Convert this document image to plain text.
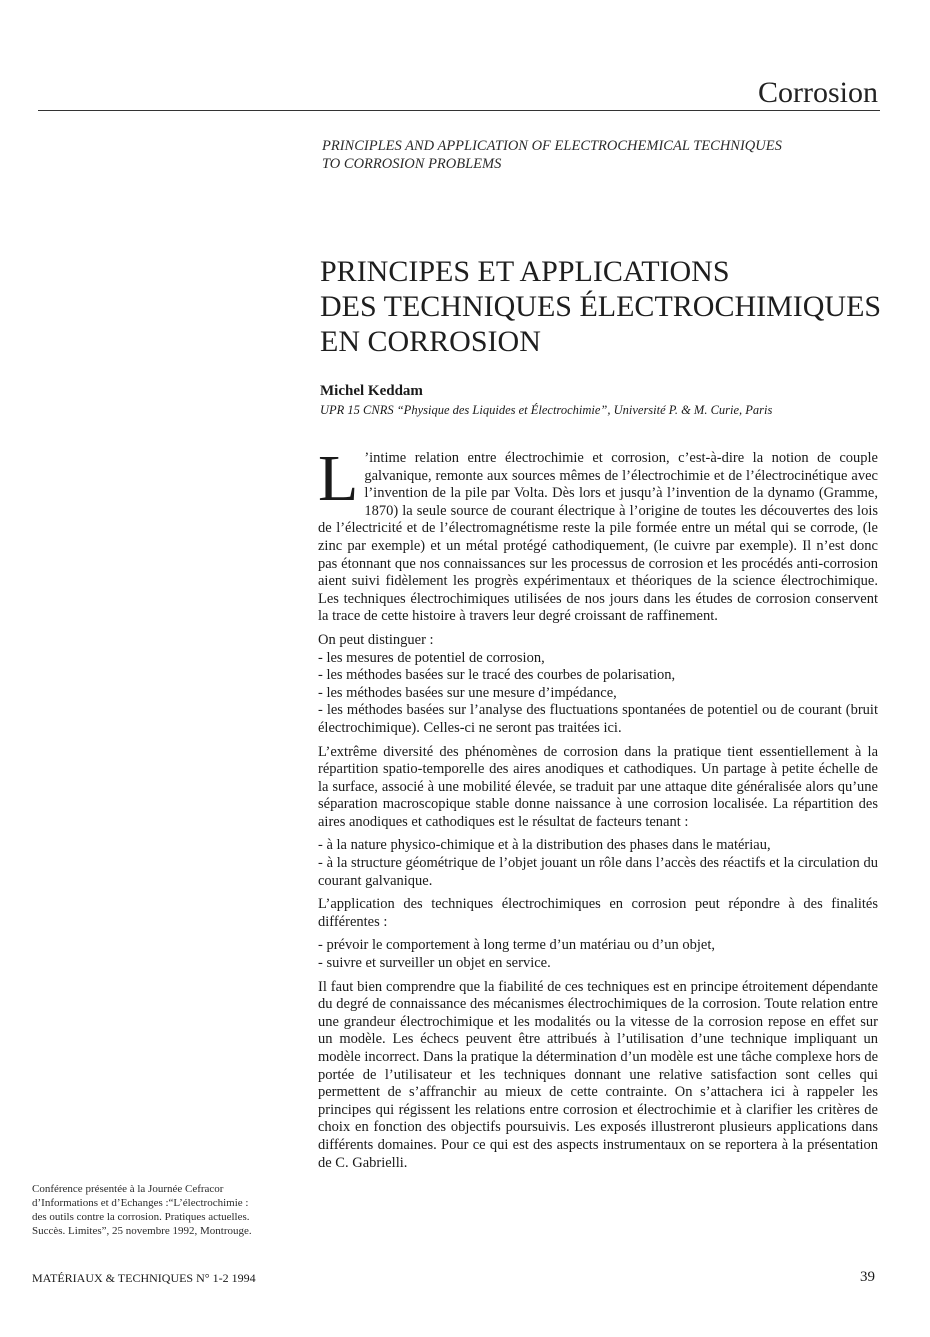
Corrosion
PRINCIPLES AND APPLICATION OF ELECTROCHEMICAL TECHNIQUES
TO CORROSION PROBLEMS
PRINCIPES ET APPLICATIONS
DES TECHNIQUES ÉLECTROCHIMIQUES
EN CORROSION
Michel Keddam
UPR 15 CNRS “Physique des Liquides et Électrochimie”, Université P. & M. Curie, Paris

L ’intime relation entre électrochimie et corrosion, c’est-à-dire la notion de couple galvanique, remonte aux sources mêmes de l’électrochimie et de l’électrocinétique avec l’invention de la pile par Volta. Dès lors et jusqu’à l’invention de la dynamo (Gramme, 1870) la seule source de courant électrique à l’origine de toutes les découvertes des lois de l’électricité et de l’électromagnétisme reste la pile formée entre un métal qui se corrode, (le zinc par exemple) et un métal protégé cathodiquement, (le cuivre par exemple). Il n’est donc pas étonnant que nos connaissances sur les processus de corrosion et les procédés anti-corrosion aient suivi fidèlement les progrès expérimentaux et théoriques de la science électrochimique. Les techniques électrochimiques utilisées de nos jours dans les études de corrosion conservent la trace de cette histoire à travers leur degré croissant de raffinement.

On peut distinguer :

- les mesures de potentiel de corrosion,

- les méthodes basées sur le tracé des courbes de polarisation,

- les méthodes basées sur une mesure d’impédance,

- les méthodes basées sur l’analyse des fluctuations spontanées de potentiel ou de courant (bruit électrochimique). Celles-ci ne seront pas traitées ici.

L’extrême diversité des phénomènes de corrosion dans la pratique tient essentiellement à la répartition spatio-temporelle des aires anodiques et cathodiques. Un partage à petite échelle de la surface, associé à une mobilité élevée, se traduit par une attaque dite généralisée alors qu’une séparation macroscopique stable donne naissance à une corrosion localisée. La répartition des aires anodiques et cathodiques est le résultat de facteurs tenant :

- à la nature physico-chimique et à la distribution des phases dans le matériau,

- à la structure géométrique de l’objet jouant un rôle dans l’accès des réactifs et la circulation du courant galvanique.

L’application des techniques électrochimiques en corrosion peut répondre à des finalités différentes :

- prévoir le comportement à long terme d’un matériau ou d’un objet,

- suivre et surveiller un objet en service.

Il faut bien comprendre que la fiabilité de ces techniques est en principe étroitement dépendante du degré de connaissance des mécanismes électrochimiques de la corrosion. Toute relation entre une grandeur électrochimique et les modalités ou la vitesse de la corrosion repose en effet sur un modèle. Les échecs peuvent être attribués à l’utilisation d’une technique impliquant un modèle incorrect. Dans la pratique la détermination d’un modèle est une tâche complexe hors de portée de l’utilisateur et les techniques donnant une relative satisfaction sont celles qui permettent de s’affranchir au mieux de cette contrainte. On s’attachera ici à rappeler les principes qui régissent les relations entre corrosion et électrochimie et à clarifier les critères de choix en fonction des objectifs poursuivis. Les exposés illustreront plusieurs applications dans différents domaines. Pour ce qui est des aspects instrumentaux on se reportera à la présentation de C. Gabrielli.

Conférence présentée à la Journée Cefracor
d’Informations et d’Echanges :“L’électrochimie :
des outils contre la corrosion. Pratiques actuelles.
Succès. Limites”, 25 novembre 1992, Montrouge.
MATÉRIAUX & TECHNIQUES N° 1-2 1994	39
